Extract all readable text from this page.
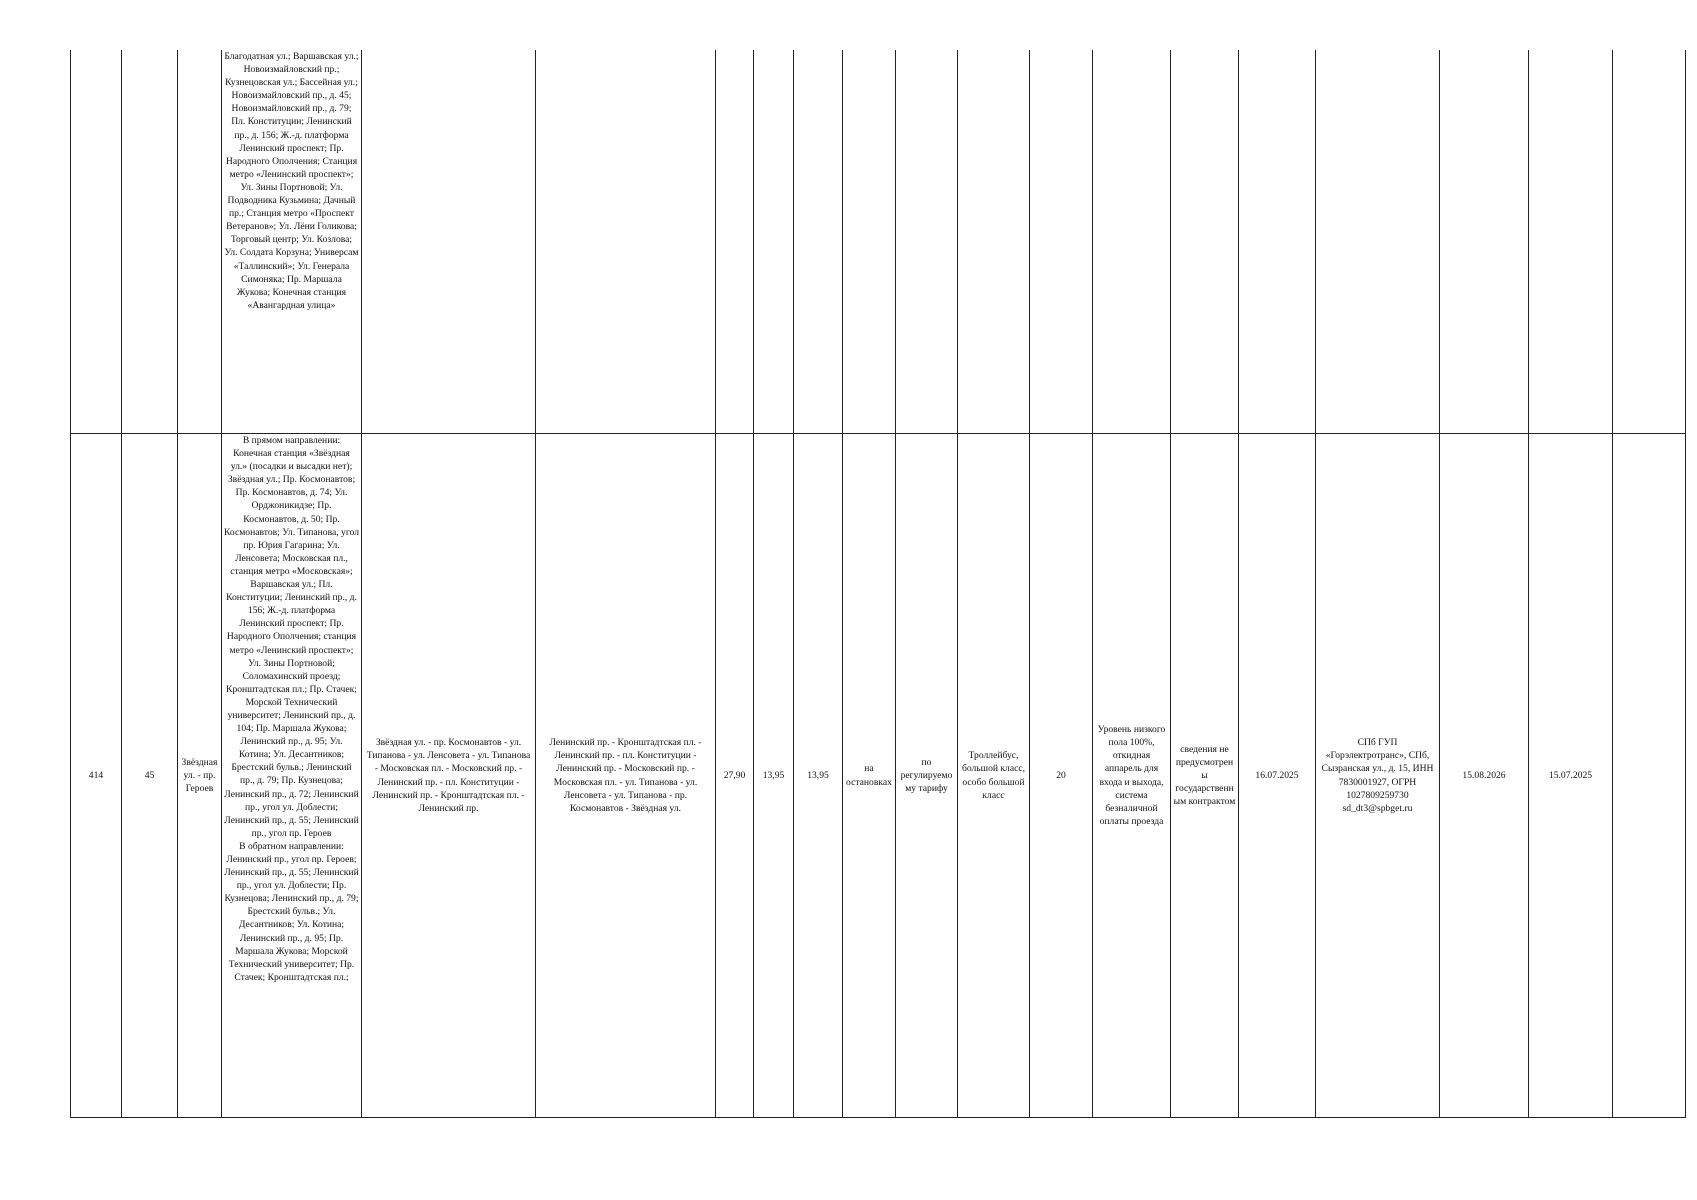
			Благодатная ул.; Варшавская ул.; Новоизмайловский пр.; Кузнецовская ул.; Бассейная ул.; Новоизмайловский пр., д. 45; Новоизмайловский пр., д. 79; Пл. Конституции; Ленинский пр., д. 156; Ж.-д. платформа Ленинский проспект; Пр. Народного Ополчения; Станция метро «Ленинский проспект»; Ул. Зины Портновой; Ул. Подводника Кузьмина; Дачный пр.; Станция метро «Проспект Ветеранов»; Ул. Лёни Голикова; Торговый центр; Ул. Козлова; Ул. Солдата Корзуна; Универсам «Таллинский»; Ул. Генерала Симоняка; Пр. Маршала Жукова; Конечная станция «Авангардная улица»																
414	45	Звёздная ул. - пр. Героев	В прямом направлении:
Конечная станция «Звёздная ул.» (посадки и высадки нет); Звёздная ул.; Пр. Космонавтов; Пр. Космонавтов, д. 74; Ул. Орджоникидзе; Пр. Космонавтов, д. 50; Пр. Космонавтов; Ул. Типанова, угол пр. Юрия Гагарина; Ул. Ленсовета; Московская пл., станция метро «Московская»; Варшавская ул.; Пл. Конституции; Ленинский пр., д. 156; Ж.-д. платформа Ленинский проспект; Пр. Народного Ополчения; станция метро «Ленинский проспект»; Ул. Зины Портновой; Соломахинский проезд; Кронштадтская пл.; Пр. Стачек; Морской Технический университет; Ленинский пр., д. 104; Пр. Маршала Жукова; Ленинский пр., д. 95; Ул. Котина; Ул. Десантников; Брестский бульв.; Ленинский пр., д. 79; Пр. Кузнецова; Ленинский пр., д. 72; Ленинский пр., угол ул. Доблести; Ленинский пр., д. 55; Ленинский пр., угол пр. Героев
В обратном направлении:
Ленинский пр., угол пр. Героев; Ленинский пр., д. 55; Ленинский пр., угол ул. Доблести; Пр. Кузнецова; Ленинский пр., д. 79; Брестский бульв.; Ул. Десантников; Ул. Котина; Ленинский пр., д. 95; Пр. Маршала Жукова; Морской Технический университет; Пр. Стачек; Кронштадтская пл.;	Звёздная ул. - пр. Космонавтов - ул. Типанова - ул. Ленсовета - ул. Типанова - Московская пл. - Московский пр. - Ленинский пр. - пл. Конституции - Ленинский пр. - Кронштадтская пл. - Ленинский пр.	Ленинский пр. - Кронштадтская пл. - Ленинский пр. - пл. Конституции - Ленинский пр. - Московский пр. - Московская пл. - ул. Типанова - ул. Ленсовета - ул. Типанова - пр. Космонавтов - Звёздная ул.	27,90	13,95	13,95	на остановках	по регулируемому тарифу	Троллейбус, большой класс, особо большой класс	20	Уровень низкого пола 100%, откидная аппарель для входа и выхода, система безналичной оплаты проезда	сведения не предусмотрены государственным контрактом	16.07.2025	СПб ГУП «Горэлектротранс», СПб, Сызранская ул., д. 15, ИНН 7830001927, ОГРН 1027809259730 sd_dt3@spbget.ru	15.08.2026	15.07.2025	
